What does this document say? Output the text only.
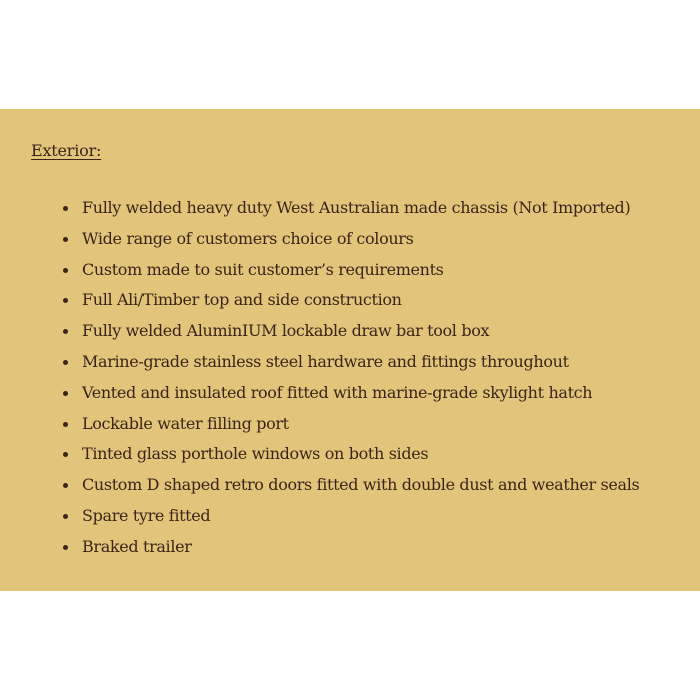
Exterior:
Fully welded heavy duty West Australian made chassis (Not Imported)
Wide range of customers choice of colours
Custom made to suit customer’s requirements
Full Ali/Timber top and side construction
Fully welded AluminIUM lockable draw bar tool box
Marine-grade stainless steel hardware and fittings throughout
Vented and insulated roof fitted with marine-grade skylight hatch
Lockable water filling port
Tinted glass porthole windows on both sides
Custom D shaped retro doors fitted with double dust and weather seals
Spare tyre fitted
Braked trailer
